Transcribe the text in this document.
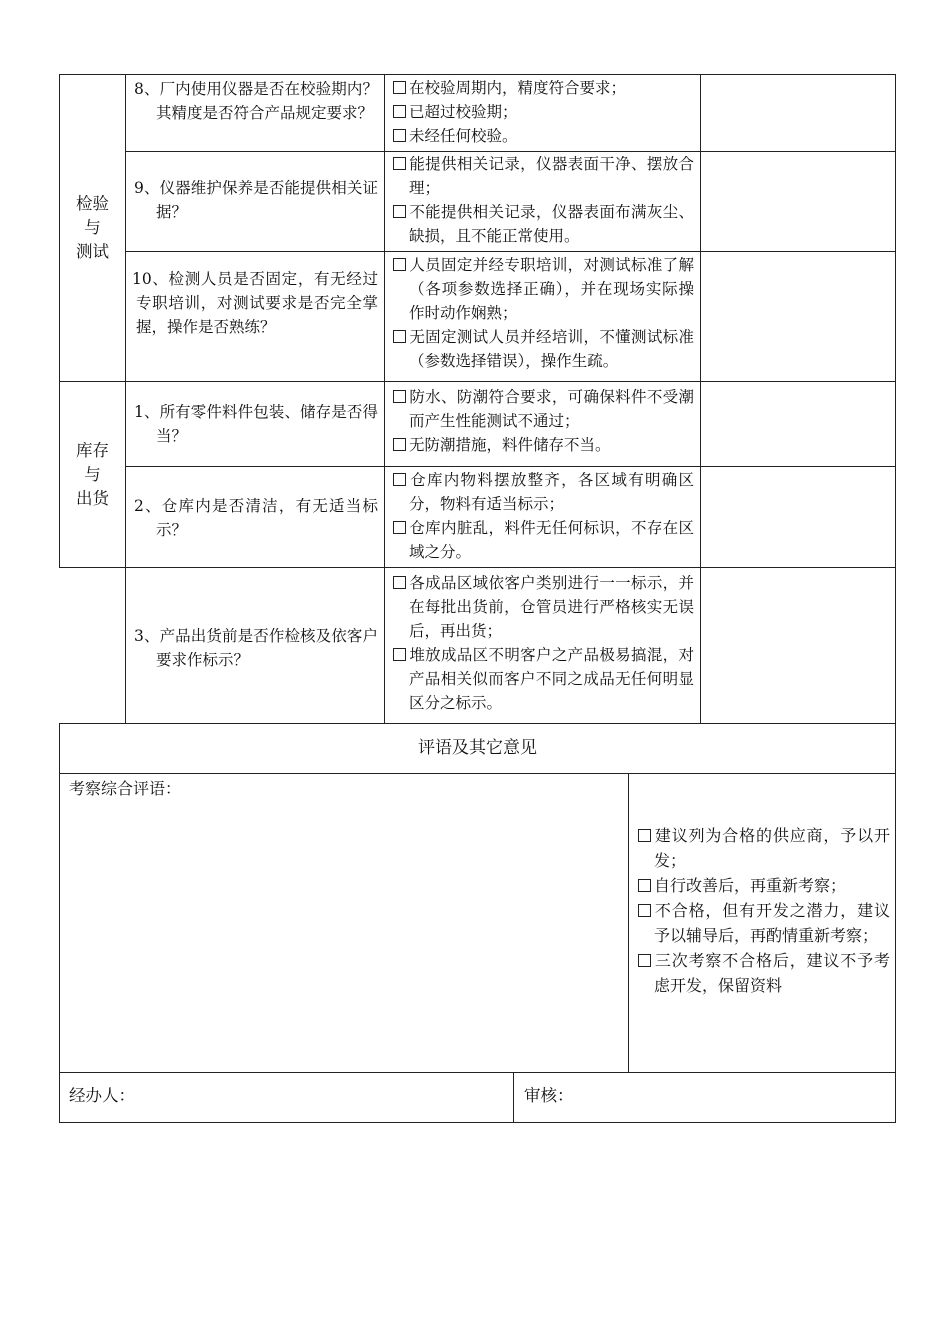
检验
与
测试
8、厂内使用仪器是否在校验期内？其精度是否符合产品规定要求？
在校验周期内，精度符合要求；
已超过校验期；
未经任何校验。
9、仪器维护保养是否能提供相关证据？
能提供相关记录，仪器表面干净、摆放合理；
不能提供相关记录，仪器表面布满灰尘、缺损，且不能正常使用。
10、检测人员是否固定，有无经过专职培训，对测试要求是否完全掌握，操作是否熟练？
人员固定并经专职培训，对测试标准了解（各项参数选择正确），并在现场实际操作时动作娴熟；
无固定测试人员并经培训，不懂测试标准（参数选择错误），操作生疏。
库存
与
出货
1、所有零件料件包装、储存是否得当？
防水、防潮符合要求，可确保料件不受潮而产生性能测试不通过；
无防潮措施，料件储存不当。
2、仓库内是否清洁，有无适当标示？
仓库内物料摆放整齐，各区域有明确区分，物料有适当标示；
仓库内脏乱，料件无任何标识，不存在区域之分。
3、产品出货前是否作检核及依客户要求作标示？
各成品区域依客户类别进行一一标示，并在每批出货前，仓管员进行严格核实无误后，再出货；
堆放成品区不明客户之产品极易搞混，对产品相关似而客户不同之成品无任何明显区分之标示。
评语及其它意见
考察综合评语：
建议列为合格的供应商，予以开发；
自行改善后，再重新考察；
不合格，但有开发之潜力，建议予以辅导后，再酌情重新考察；
三次考察不合格后，建议不予考虑开发，保留资料
经办人：	审核：
